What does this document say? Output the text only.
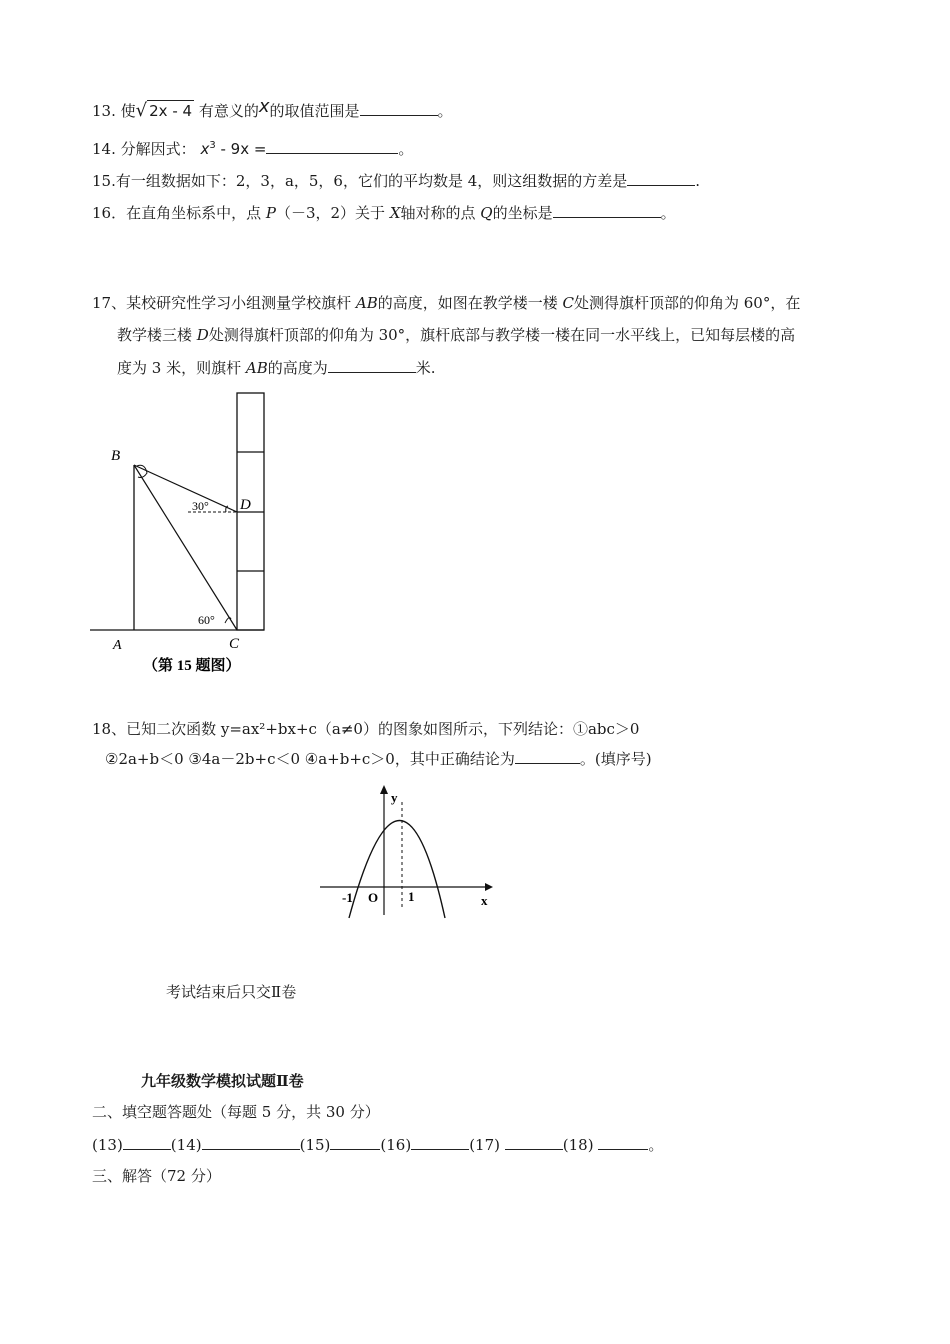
13. 使√ 2x - 4 有意义的x的取值范围是	。
14. 分解因式： $x^3 - 9x$ =	。
15.有一组数据如下：2，3，a，5，6，它们的平均数是 4，则这组数据的方差是	.
16．在直角坐标系中，点 P（－3，2）关于 X轴对称的点 Q的坐标是	。
17、某校研究性学习小组测量学校旗杆 AB的高度，如图在教学楼一楼 C处测得旗杆顶部的仰角为 60°，在
教学楼三楼 D处测得旗杆顶部的仰角为 30°，旗杆底部与教学楼一楼在同一水平线上，已知每层楼的高
度为 3 米，则旗杆 AB的高度为	米.
B
D
A	C
30°
60°
（第 15 题图）
18、已知二次函数 y=ax²+bx+c（a≠0）的图象如图所示，下列结论：①abc＞0
②2a+b＜0 ③4a－2b+c＜0 ④a+b+c＞0，其中正确结论为	。(填序号)
y
x
-1 O 1
考试结束后只交Ⅱ卷
九年级数学模拟试题Ⅱ卷
二、填空题答题处（每题 5 分，共 30 分）
(13)	(14)	(15)	(16)	(17)	(18)	。
三、解答（72 分）
